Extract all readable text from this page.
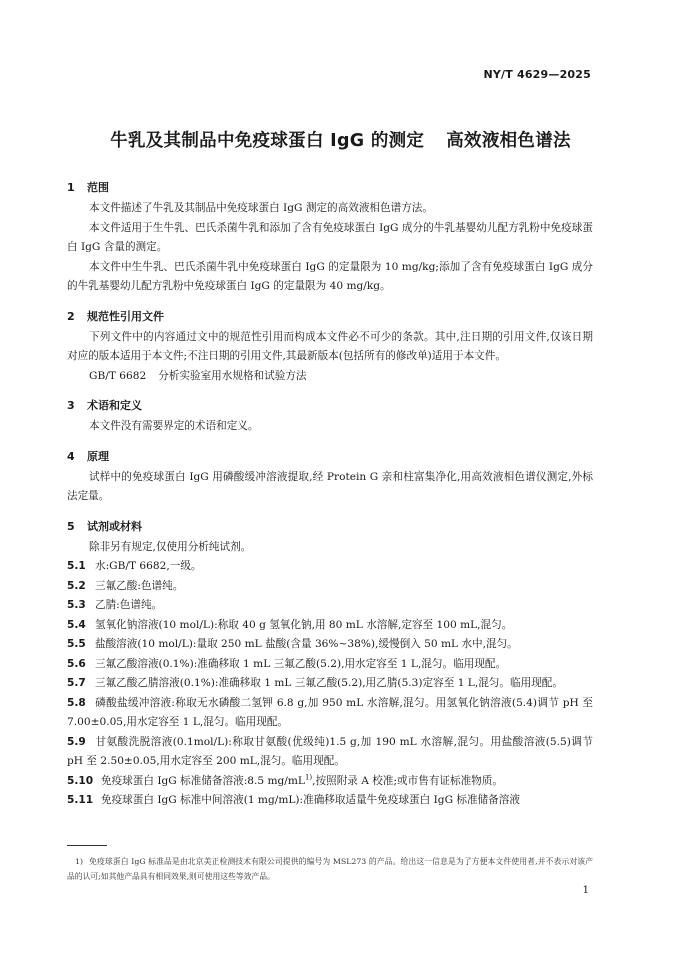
NY/T 4629—2025
牛乳及其制品中免疫球蛋白 IgG 的测定 高效液相色谱法
1 范围
本文件描述了牛乳及其制品中免疫球蛋白 IgG 测定的高效液相色谱方法。
本文件适用于生牛乳、巴氏杀菌牛乳和添加了含有免疫球蛋白 IgG 成分的牛乳基婴幼儿配方乳粉中免疫球蛋白 IgG 含量的测定。
本文件中生牛乳、巴氏杀菌牛乳中免疫球蛋白 IgG 的定量限为 10 mg/kg;添加了含有免疫球蛋白 IgG 成分的牛乳基婴幼儿配方乳粉中免疫球蛋白 IgG 的定量限为 40 mg/kg。
2 规范性引用文件
下列文件中的内容通过文中的规范性引用而构成本文件必不可少的条款。其中,注日期的引用文件,仅该日期对应的版本适用于本文件;不注日期的引用文件,其最新版本(包括所有的修改单)适用于本文件。
GB/T 6682 分析实验室用水规格和试验方法
3 术语和定义
本文件没有需要界定的术语和定义。
4 原理
试样中的免疫球蛋白 IgG 用磷酸缓冲溶液提取,经 Protein G 亲和柱富集净化,用高效液相色谱仪测定,外标法定量。
5 试剂或材料
除非另有规定,仅使用分析纯试剂。
5.1 水:GB/T 6682,一级。
5.2 三氟乙酸:色谱纯。
5.3 乙腈:色谱纯。
5.4 氢氧化钠溶液(10 mol/L):称取 40 g 氢氧化钠,用 80 mL 水溶解,定容至 100 mL,混匀。
5.5 盐酸溶液(10 mol/L):量取 250 mL 盐酸(含量 36%~38%),缓慢倒入 50 mL 水中,混匀。
5.6 三氟乙酸溶液(0.1%):准确移取 1 mL 三氟乙酸(5.2),用水定容至 1 L,混匀。临用现配。
5.7 三氟乙酸乙腈溶液(0.1%):准确移取 1 mL 三氟乙酸(5.2),用乙腈(5.3)定容至 1 L,混匀。临用现配。
5.8 磷酸盐缓冲溶液:称取无水磷酸二氢钾 6.8 g,加 950 mL 水溶解,混匀。用氢氧化钠溶液(5.4)调节 pH 至 7.00±0.05,用水定容至 1 L,混匀。临用现配。
5.9 甘氨酸洗脱溶液(0.1mol/L):称取甘氨酸(优级纯)1.5 g,加 190 mL 水溶解,混匀。用盐酸溶液(5.5)调节 pH 至 2.50±0.05,用水定容至 200 mL,混匀。临用现配。
5.10 免疫球蛋白 IgG 标准储备溶液:8.5 $mg/mL^{1)}$,按照附录 A 校准;或市售有证标准物质。
5.11 免疫球蛋白 IgG 标准中间溶液(1 mg/mL):准确移取适量牛免疫球蛋白 IgG 标准储备溶液
1) 免疫球蛋白 IgG 标准品是由北京美正检测技术有限公司提供的编号为 MSL273 的产品。给出这一信息是为了方便本文件使用者,并不表示对该产品的认可;如其他产品具有相同效果,则可使用这些等效产品。
1
